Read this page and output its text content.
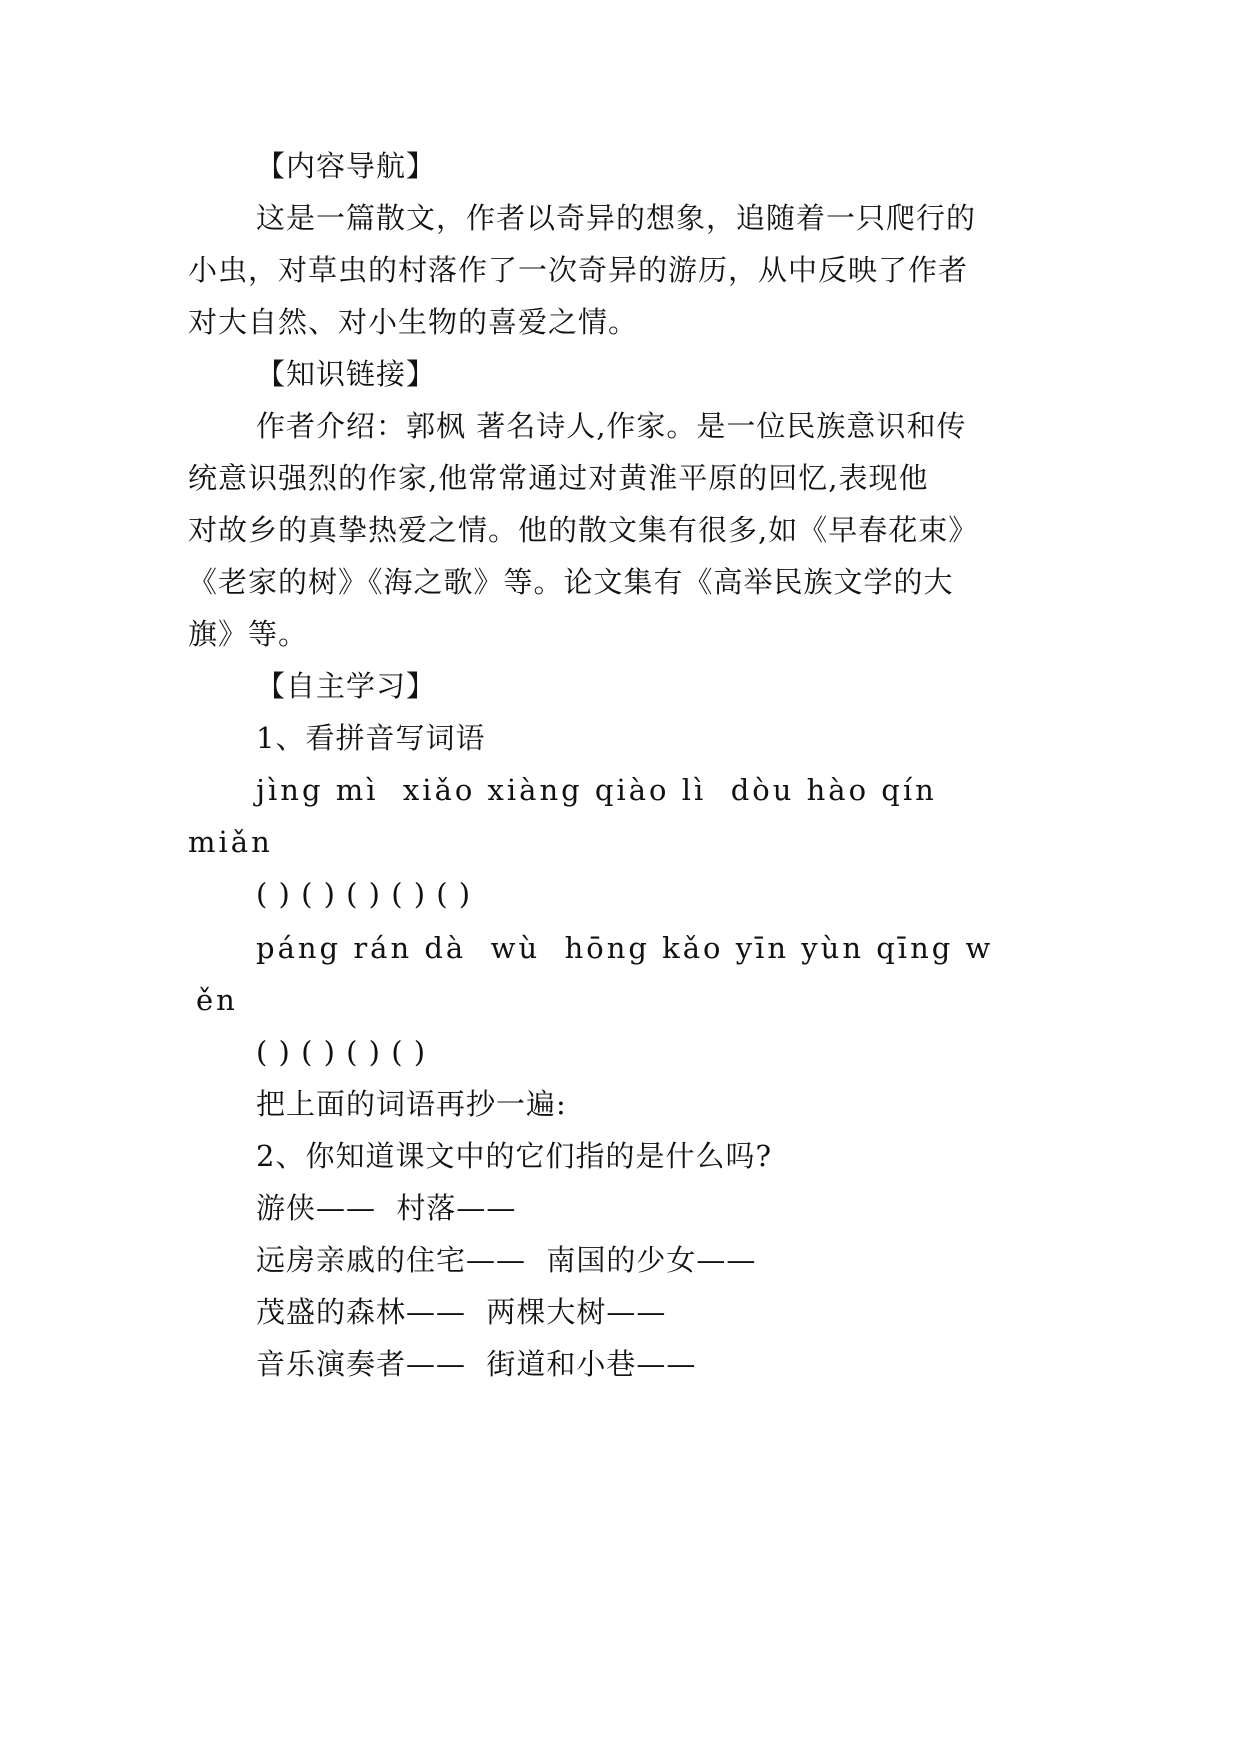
【内容导航】
这是一篇散文，作者以奇异的想象，追随着一只爬行的
小虫，对草虫的村落作了一次奇异的游历，从中反映了作者
对大自然、对小生物的喜爱之情。
【知识链接】
作者介绍：郭枫 著名诗人,作家。是一位民族意识和传
统意识强烈的作家,他常常通过对黄淮平原的回忆,表现他
对故乡的真挚热爱之情。他的散文集有很多,如《早春花束》
《老家的树》《海之歌》等。论文集有《高举民族文学的大
旗》等。
【自主学习】
1、看拼音写词语
jìng mì  xiǎo xiàng qiào lì  dòu hào qín
miǎn
( ) ( ) ( ) ( ) ( )
páng rán dà  wù  hōng kǎo yīn yùn qīng w
ěn
( ) ( ) ( ) ( )
把上面的词语再抄一遍:
2、你知道课文中的它们指的是什么吗?
游侠——  村落——
远房亲戚的住宅——  南国的少女——
茂盛的森林——  两棵大树——
音乐演奏者——  街道和小巷——
